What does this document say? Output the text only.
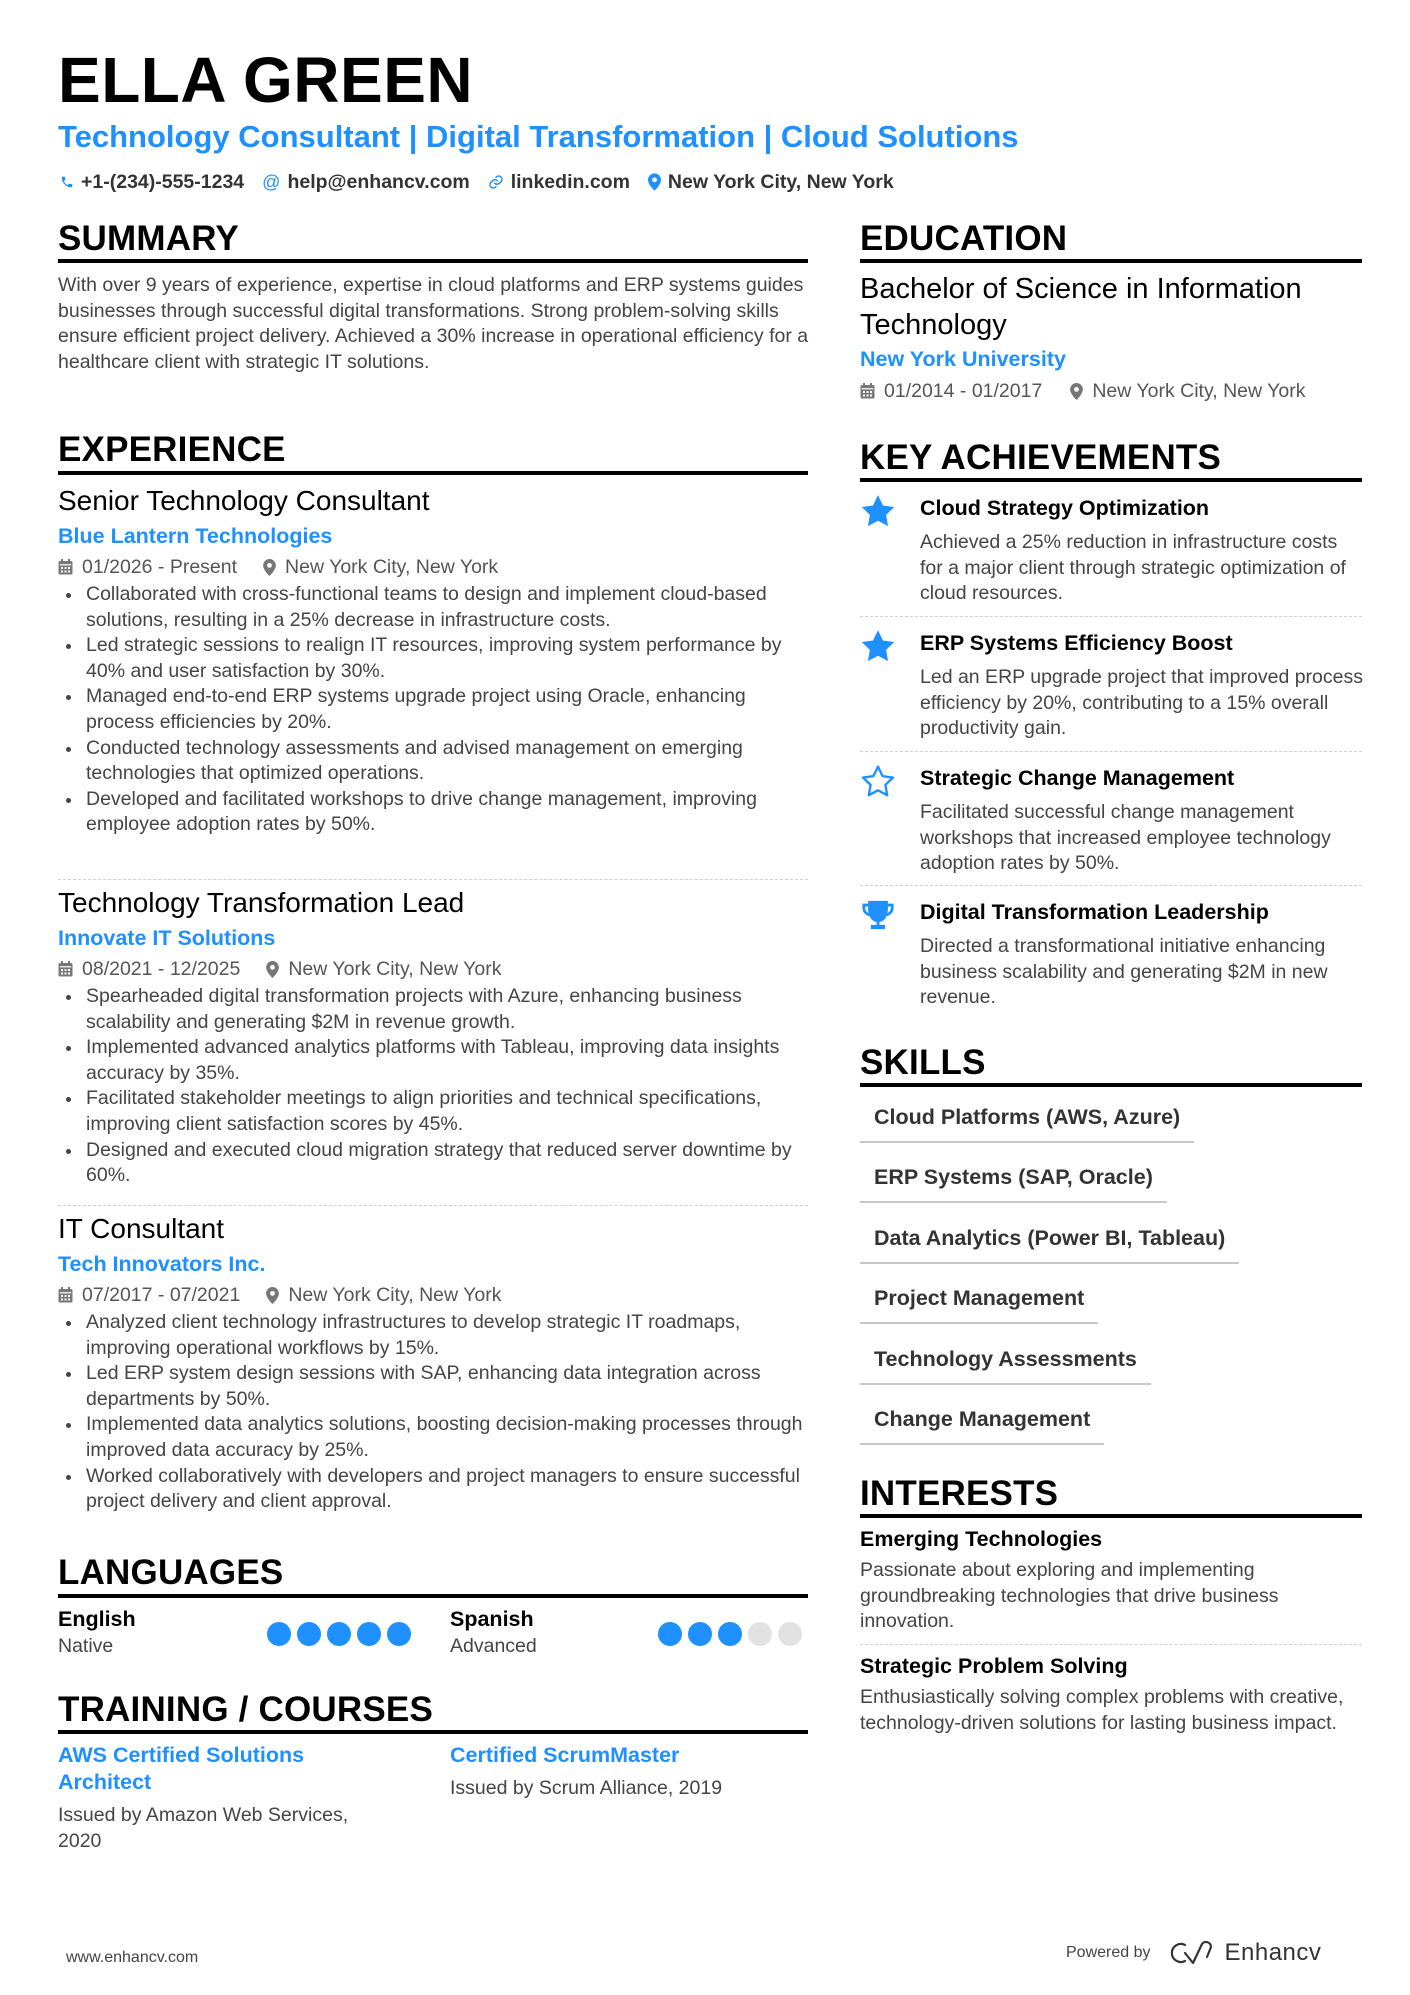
ELLA GREEN
Technology Consultant | Digital Transformation | Cloud Solutions
+1-(234)-555-1234 @ help@enhancv.com linkedin.com New York City, New York
SUMMARY
With over 9 years of experience, expertise in cloud platforms and ERP systems guides businesses through successful digital transformations. Strong problem-solving skills ensure efficient project delivery. Achieved a 30% increase in operational efficiency for a healthcare client with strategic IT solutions.
EXPERIENCE
Senior Technology Consultant
Blue Lantern Technologies
01/2026 - Present New York City, New York
Collaborated with cross-functional teams to design and implement cloud-based solutions, resulting in a 25% decrease in infrastructure costs.
Led strategic sessions to realign IT resources, improving system performance by 40% and user satisfaction by 30%.
Managed end-to-end ERP systems upgrade project using Oracle, enhancing process efficiencies by 20%.
Conducted technology assessments and advised management on emerging technologies that optimized operations.
Developed and facilitated workshops to drive change management, improving employee adoption rates by 50%.
Technology Transformation Lead
Innovate IT Solutions
08/2021 - 12/2025 New York City, New York
Spearheaded digital transformation projects with Azure, enhancing business scalability and generating $2M in revenue growth.
Implemented advanced analytics platforms with Tableau, improving data insights accuracy by 35%.
Facilitated stakeholder meetings to align priorities and technical specifications, improving client satisfaction scores by 45%.
Designed and executed cloud migration strategy that reduced server downtime by 60%.
IT Consultant
Tech Innovators Inc.
07/2017 - 07/2021 New York City, New York
Analyzed client technology infrastructures to develop strategic IT roadmaps, improving operational workflows by 15%.
Led ERP system design sessions with SAP, enhancing data integration across departments by 50%.
Implemented data analytics solutions, boosting decision-making processes through improved data accuracy by 25%.
Worked collaboratively with developers and project managers to ensure successful project delivery and client approval.
LANGUAGES
English
Native
Spanish
Advanced
TRAINING / COURSES
AWS Certified Solutions Architect
Issued by Amazon Web Services, 2020
Certified ScrumMaster
Issued by Scrum Alliance, 2019
EDUCATION
Bachelor of Science in Information Technology
New York University
01/2014 - 01/2017	New York City, New York
KEY ACHIEVEMENTS
Cloud Strategy Optimization
Achieved a 25% reduction in infrastructure costs for a major client through strategic optimization of cloud resources.
ERP Systems Efficiency Boost
Led an ERP upgrade project that improved process efficiency by 20%, contributing to a 15% overall productivity gain.
Strategic Change Management
Facilitated successful change management workshops that increased employee technology adoption rates by 50%.
Digital Transformation Leadership
Directed a transformational initiative enhancing business scalability and generating $2M in new revenue.
SKILLS
Cloud Platforms (AWS, Azure)
ERP Systems (SAP, Oracle)
Data Analytics (Power BI, Tableau)
Project Management
Technology Assessments
Change Management
INTERESTS
Emerging Technologies
Passionate about exploring and implementing groundbreaking technologies that drive business innovation.
Strategic Problem Solving
Enthusiastically solving complex problems with creative, technology-driven solutions for lasting business impact.
www.enhancv.com	Powered by	Enhancv
